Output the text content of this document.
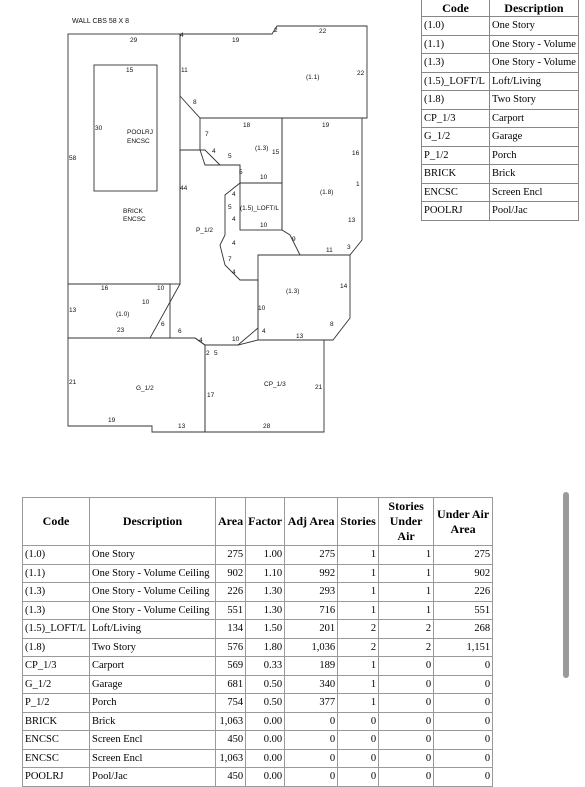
WALL CBS 58 X 8
BRICK
ENCSC
POOLRJ
ENCSC
(1.1)
(1.3)
(1.8)
(1.5)_LOFT/L
P_1/2
(1.3)
(1.0)
G_1/2
CP_1/3
29
4
19
2	22
58
15
30
11	22
8
7
18	19
4
5
15	16
44
5
10
1
4
13
5
4
10
9
11 3
4
7
4
14
16	10
13
10
6
23	6
4	10
10
4
13
8
2 5
21
17
21
19
13	28
Code	Description
(1.0)	One Story
(1.1)	One Story - Volume
(1.3)	One Story - Volume
(1.5)_LOFT/L	Loft/Living
(1.8)	Two Story
CP_1/3	Carport
G_1/2	Garage
P_1/2	Porch
BRICK	Brick
ENCSC	Screen Encl
POOLRJ	Pool/Jac
Code	Description	Area	Factor	Adj Area	Stories	Stories Under Air	Under Air Area
(1.0)	One Story	275	1.00	275	1	1	275
(1.1)	One Story - Volume Ceiling	902	1.10	992	1	1	902
(1.3)	One Story - Volume Ceiling	226	1.30	293	1	1	226
(1.3)	One Story - Volume Ceiling	551	1.30	716	1	1	551
(1.5)_LOFT/L	Loft/Living	134	1.50	201	2	2	268
(1.8)	Two Story	576	1.80	1,036	2	2	1,151
CP_1/3	Carport	569	0.33	189	1	0	0
G_1/2	Garage	681	0.50	340	1	0	0
P_1/2	Porch	754	0.50	377	1	0	0
BRICK	Brick	1,063	0.00	0	0	0	0
ENCSC	Screen Encl	450	0.00	0	0	0	0
ENCSC	Screen Encl	1,063	0.00	0	0	0	0
POOLRJ	Pool/Jac	450	0.00	0	0	0	0
